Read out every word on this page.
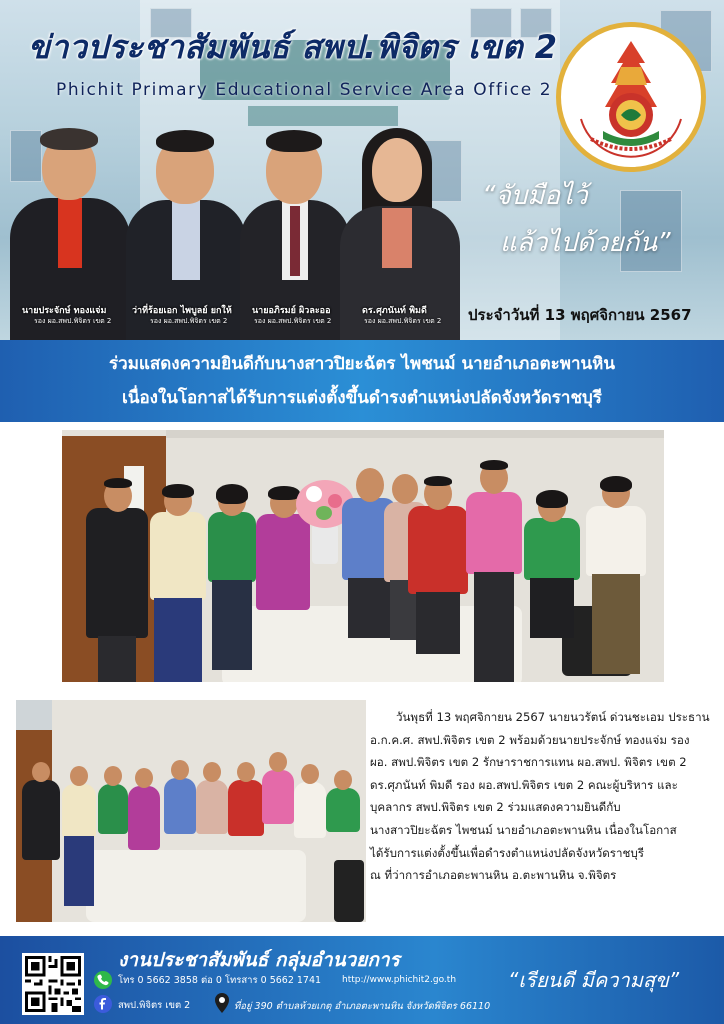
นายประจักษ์ ทองแจ่ม
รอง ผอ.สพป.พิจิตร เขต 2
ว่าที่ร้อยเอก ไพบูลย์ ยกให้
รอง ผอ.สพป.พิจิตร เขต 2
นายอภิรมย์ ผิวละออ
รอง ผอ.สพป.พิจิตร เขต 2
ดร.ศุภนันท์ พิมดี
รอง ผอ.สพป.พิจิตร เขต 2
ข่าวประชาสัมพันธ์ สพป.พิจิตร เขต 2
Phichit Primary Educational Service Area Office 2
“จับมือไว้
แล้วไปด้วยกัน”
ประจำวันที่ 13 พฤศจิกายน 2567
ร่วมแสดงความยินดีกับนางสาวปิยะฉัตร ไพชนม์ นายอำเภอตะพานหิน
เนื่องในโอกาสได้รับการแต่งตั้งขึ้นดำรงตำแหน่งปลัดจังหวัดราชบุรี
วันพุธที่ 13 พฤศจิกายน 2567 นายนวรัตน์ ด่วนชะเอม ประธาน
อ.ก.ค.ศ. สพป.พิจิตร เขต 2 พร้อมด้วยนายประจักษ์ ทองแจ่ม รอง
ผอ. สพป.พิจิตร เขต 2 รักษาราชการแทน ผอ.สพป. พิจิตร เขต 2
ดร.ศุภนันท์ พิมดี รอง ผอ.สพป.พิจิตร เขต 2 คณะผู้บริหาร และ
บุคลากร สพป.พิจิตร เขต 2 ร่วมแสดงความยินดีกับ
นางสาวปิยะฉัตร ไพชนม์ นายอำเภอตะพานหิน เนื่องในโอกาส
ได้รับการแต่งตั้งขึ้นเพื่อดำรงตำแหน่งปลัดจังหวัดราชบุรี
ณ ที่ว่าการอำเภอตะพานหิน อ.ตะพานหิน จ.พิจิตร
งานประชาสัมพันธ์ กลุ่มอำนวยการ
โทร 0 5662 3858 ต่อ 0 โทรสาร 0 5662 1741 http://www.phichit2.go.th
สพป.พิจิตร เขต 2	ที่อยู่ 390 ตำบลห้วยเกตุ อำเภอตะพานหิน จังหวัดพิจิตร 66110
“เรียนดี มีความสุข”
